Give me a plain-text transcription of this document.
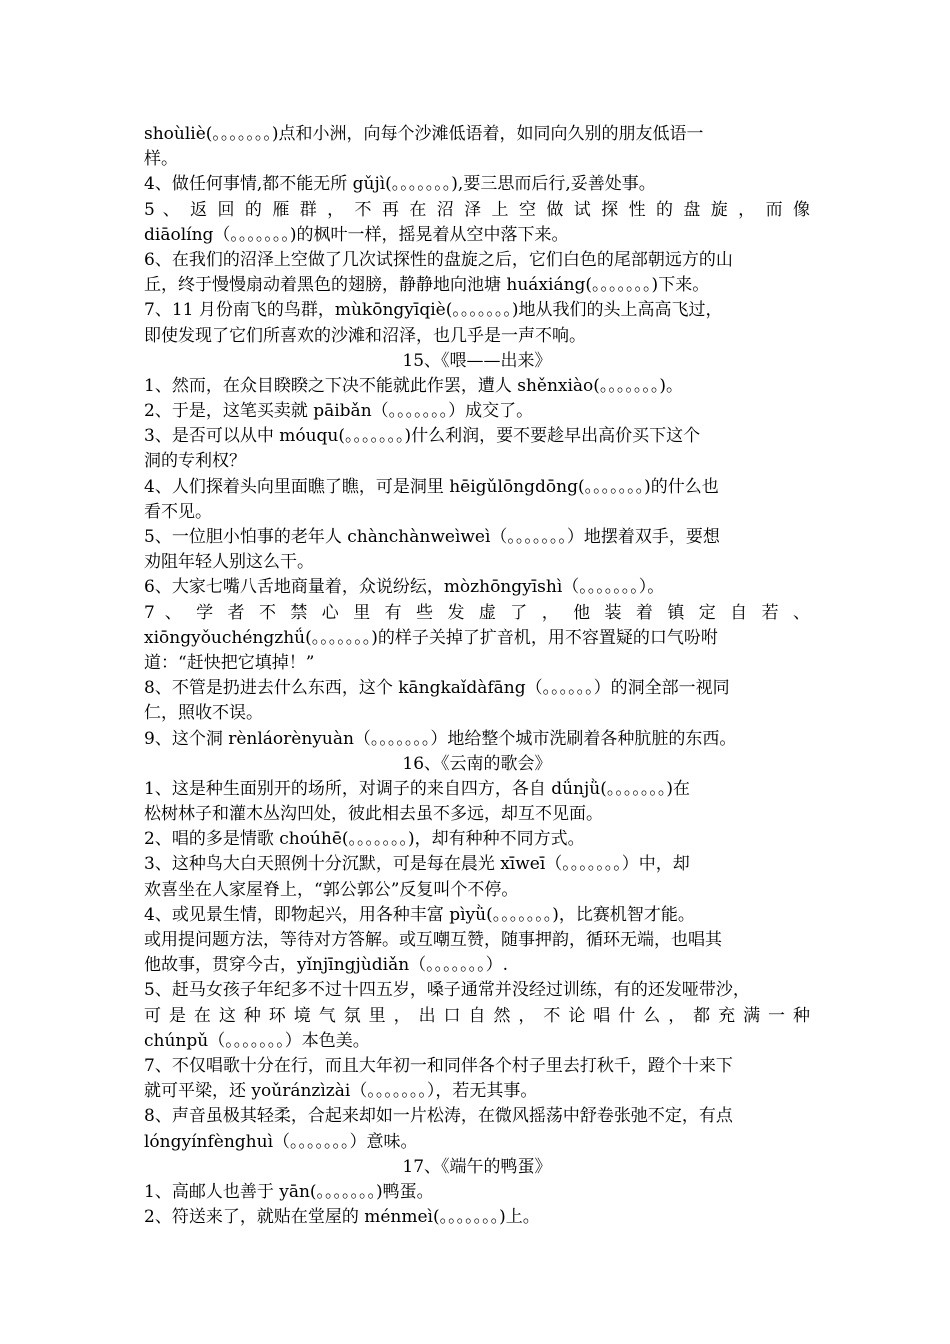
shoùliè(。。。。。。。)点和小洲，向每个沙滩低语着，如同向久别的朋友低语一
样。
4、做任何事情,都不能无所 gǔjì(。。。。。。。),要三思而后行,妥善处事。
5 、 返 回 的 雁 群 ， 不 再 在 沼 泽 上 空 做 试 探 性 的 盘 旋 ， 而 像
diāolíng（。。。。。。。)的枫叶一样，摇晃着从空中落下来。
6、在我们的沼泽上空做了几次试探性的盘旋之后，它们白色的尾部朝远方的山
丘，终于慢慢扇动着黑色的翅膀，静静地向池塘 huáxiáng(。。。。。。。)下来。
7、11 月份南飞的鸟群，mùkōngyīqiè(。。。。。。。)地从我们的头上高高飞过，
即使发现了它们所喜欢的沙滩和沼泽，也几乎是一声不响。
15、《喂——出来》
1、然而，在众目睽睽之下决不能就此作罢，遭人 shěnxiào(。。。。。。。)。
2、于是，这笔买卖就 pāibǎn（。。。。。。。）成交了。
3、是否可以从中 móuqu(。。。。。。。)什么利润，要不要趁早出高价买下这个
洞的专利权？
4、人们探着头向里面瞧了瞧，可是洞里 hēigǔlōngdōng(。。。。。。。)的什么也
看不见。
5、一位胆小怕事的老年人 chànchànweìweì（。。。。。。。）地摆着双手，要想
劝阻年轻人别这么干。
6、大家七嘴八舌地商量着，众说纷纭，mòzhōngyīshì（。。。。。。。）。
7 、 学 者 不 禁 心 里 有 些 发 虚 了 ， 他 装 着 镇 定 自 若 、
xiōngyǒuchéngzhǘ(。。。。。。。)的样子关掉了扩音机，用不容置疑的口气吩咐
道：“赶快把它填掉！”
8、不管是扔进去什么东西，这个 kāngkaǐdàfāng（。。。。。。）的洞全部一视同
仁，照收不误。
9、这个洞 rènláorènyuàn（。。。。。。。）地给整个城市洗刷着各种肮脏的东西。
16、《云南的歌会》
1、这是种生面别开的场所，对调子的来自四方，各自 dǘnjǜ(。。。。。。。)在
松树林子和灌木丛沟凹处，彼此相去虽不多远，却互不见面。
2、唱的多是情歌 choúhē(。。。。。。。)，却有种种不同方式。
3、这种鸟大白天照例十分沉默，可是每在晨光 xīweī（。。。。。。。）中，却
欢喜坐在人家屋脊上，“郭公郭公”反复叫个不停。
4、或见景生情，即物起兴，用各种丰富 pìyǜ(。。。。。。。)，比赛机智才能。
或用提问题方法，等待对方答解。或互嘲互赞，随事押韵，循环无端，也唱其
他故事，贯穿今古，yǐnjīngjùdiǎn（。。。。。。。）.
5、赶马女孩子年纪多不过十四五岁，嗓子通常并没经过训练，有的还发哑带沙，
可 是 在 这 种 环 境 气 氛 里 ， 出 口 自 然 ， 不 论 唱 什 么 ， 都 充 满 一 种
chúnpǔ（。。。。。。。）本色美。
7、不仅唱歌十分在行，而且大年初一和同伴各个村子里去打秋千，蹬个十来下
就可平梁，还 yoǔránzìzài（。。。。。。。），若无其事。
8、声音虽极其轻柔，合起来却如一片松涛，在微风摇荡中舒卷张弛不定，有点
lóngyínfènghuì（。。。。。。。）意味。
17、《端午的鸭蛋》
1、高邮人也善于 yān(。。。。。。。)鸭蛋。
2、符送来了，就贴在堂屋的 ménmeì(。。。。。。。)上。
